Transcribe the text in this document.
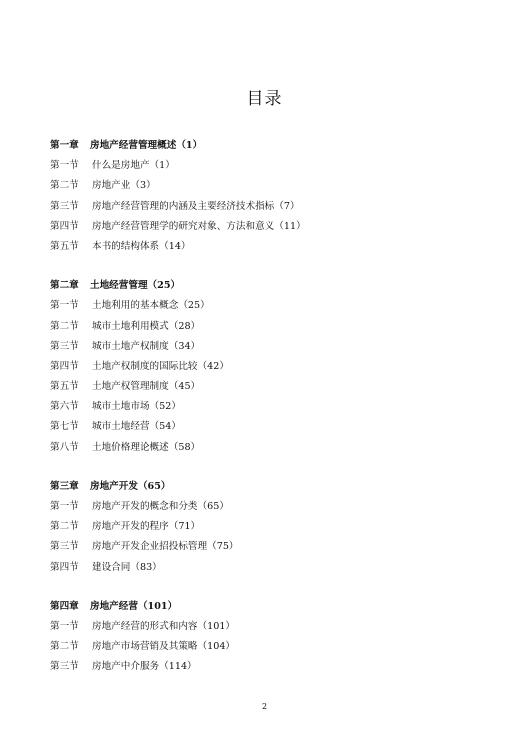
目录
第一章 房地产经营管理概述（1）
第一节 什么是房地产（1）
第二节 房地产业（3）
第三节 房地产经营管理的内涵及主要经济技术指标（7）
第四节 房地产经营管理学的研究对象、方法和意义（11）
第五节 本书的结构体系（14）
第二章 土地经营管理（25）
第一节 土地利用的基本概念（25）
第二节 城市土地利用模式（28）
第三节 城市土地产权制度（34）
第四节 土地产权制度的国际比较（42）
第五节 土地产权管理制度（45）
第六节 城市土地市场（52）
第七节 城市土地经营（54）
第八节 土地价格理论概述（58）
第三章 房地产开发（65）
第一节 房地产开发的概念和分类（65）
第二节 房地产开发的程序（71）
第三节 房地产开发企业招投标管理（75）
第四节 建设合同（83）
第四章 房地产经营（101）
第一节 房地产经营的形式和内容（101）
第二节 房地产市场营销及其策略（104）
第三节 房地产中介服务（114）
2
